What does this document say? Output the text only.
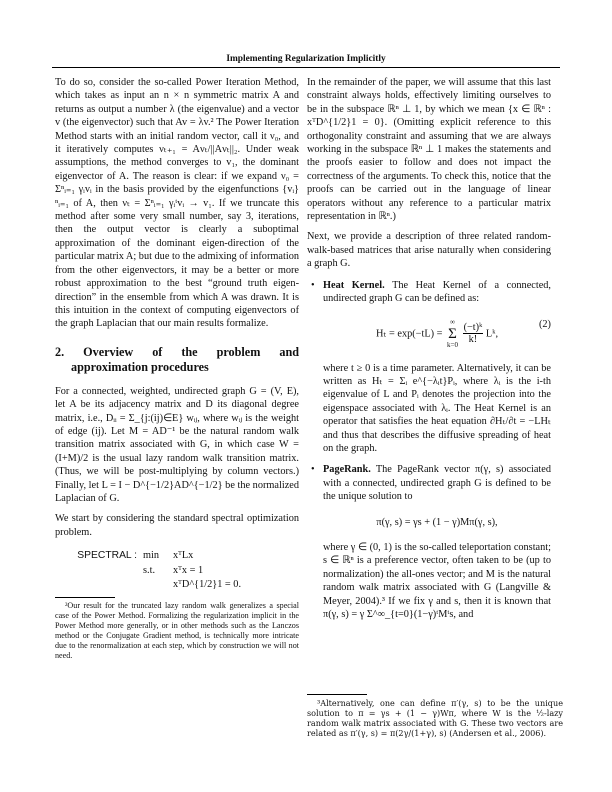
Implementing Regularization Implicitly

To do so, consider the so-called Power Iteration Method, which takes as input an n × n symmetric matrix A and returns as output a number λ (the eigenvalue) and a vector v (the eigenvector) such that Av = λv.² The Power Iteration Method starts with an initial random vector, call it ν₀, and it iteratively computes νₜ₊₁ = Aνₜ/||Aνₜ||₂. Under weak assumptions, the method converges to v₁, the dominant eigenvector of A. The reason is clear: if we expand ν₀ = Σⁿᵢ₌₁ γᵢvᵢ in the basis provided by the eigenfunctions {vᵢ}ⁿᵢ₌₁ of A, then νₜ = Σⁿᵢ₌₁ γᵢᵗvᵢ → v₁. If we truncate this method after some very small number, say 3, iterations, then the output vector is clearly a suboptimal approximation of the dominant eigen-direction of the particular matrix A; but due to the admixing of information from the other eigenvectors, it may be a better or more robust approximation to the best “ground truth eigen-direction” in the ensemble from which A was drawn. It is this intuition in the context of computing eigenvectors of the graph Laplacian that our main results formalize.

2. Overview of the problem and approximation procedures

For a connected, weighted, undirected graph G = (V, E), let A be its adjacency matrix and D its diagonal degree matrix, i.e., Dᵢᵢ = Σ_{j:(ij)∈E} wᵢⱼ, where wᵢⱼ is the weight of edge (ij). Let M = AD⁻¹ be the natural random walk transition matrix associated with G, in which case W = (I+M)/2 is the usual lazy random walk transition matrix. (Thus, we will be post-multiplying by column vectors.) Finally, let L = I − D^{−1/2}AD^{−1/2} be the normalized Laplacian of G.

We start by considering the standard spectral optimization problem.

SPECTRAL : min	xᵀLx
s.t.	xᵀx = 1
xᵀD^{1/2}1 = 0.

²Our result for the truncated lazy random walk generalizes a special case of the Power Method. Formalizing the regularization implicit in the Power Method more generally, or in other methods such as the Lanczos method or the Conjugate Gradient method, is technically more intricate due to the renormalization at each step, which by construction we will not need.

In the remainder of the paper, we will assume that this last constraint always holds, effectively limiting ourselves to be in the subspace ℝⁿ ⊥ 1, by which we mean {x ∈ ℝⁿ : xᵀD^{1/2}1 = 0}. (Omitting explicit reference to this orthogonality constraint and assuming that we are always working in the subspace ℝⁿ ⊥ 1 makes the statements and the proofs easier to follow and does not impact the correctness of the arguments. To check this, notice that the proofs can be carried out in the language of linear operators without any reference to a particular matrix representation in ℝⁿ.)

Next, we provide a description of three related random-walk-based matrices that arise naturally when considering a graph G.

• Heat Kernel. The Heat Kernel of a connected, undirected graph G can be defined as:
Hₜ = exp(−tL) =
∞
Σ
k=0
$\frac{\text{(−t)ᵏ}}{k!}$ Lᵏ,
(2)
where t ≥ 0 is a time parameter. Alternatively, it can be written as Hₜ = Σᵢ e^{−λᵢt}Pᵢ, where λᵢ is the i-th eigenvalue of L and Pᵢ denotes the projection into the eigenspace associated with λᵢ. The Heat Kernel is an operator that satisfies the heat equation ∂Hₜ/∂t = −LHₜ and thus that describes the diffusive spreading of heat on the graph.
• PageRank. The PageRank vector π(γ, s) associated with a connected, undirected graph G is defined to be the unique solution to
π(γ, s) = γs + (1 − γ)Mπ(γ, s),
where γ ∈ (0, 1) is the so-called teleportation constant; s ∈ ℝⁿ is a preference vector, often taken to be (up to normalization) the all-ones vector; and M is the natural random walk matrix associated with G (Langville & Meyer, 2004).³ If we fix γ and s, then it is known that π(γ, s) = γ Σ^∞_{t=0}(1−γ)ᵗMᵗs, and

³Alternatively, one can define π′(γ, s) to be the unique solution to π = γs + (1 − γ)Wπ, where W is the ½-lazy random walk matrix associated with G. These two vectors are related as π′(γ, s) = π(2γ/(1+γ), s) (Andersen et al., 2006).
